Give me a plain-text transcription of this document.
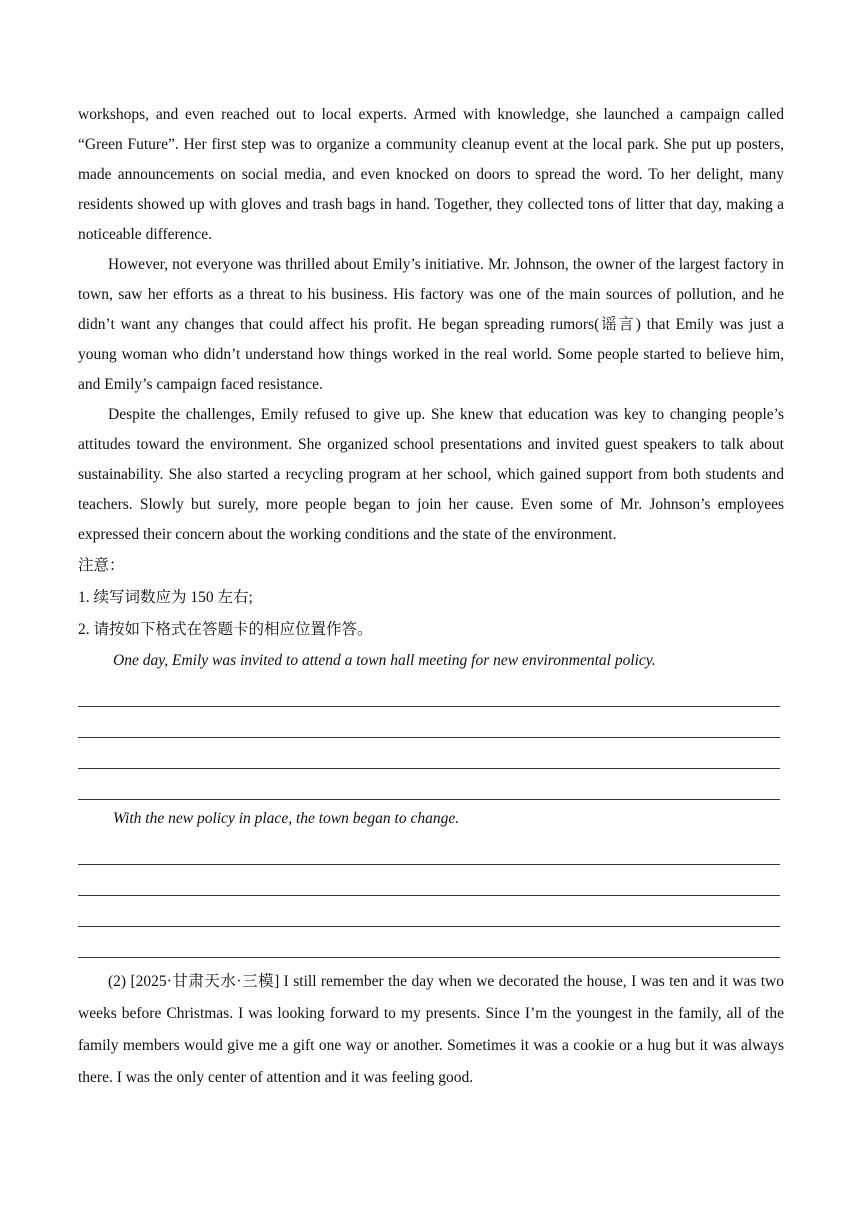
workshops, and even reached out to local experts. Armed with knowledge, she launched a campaign called “Green Future”. Her first step was to organize a community cleanup event at the local park. She put up posters, made announcements on social media, and even knocked on doors to spread the word. To her delight, many residents showed up with gloves and trash bags in hand. Together, they collected tons of litter that day, making a noticeable difference.

However, not everyone was thrilled about Emily’s initiative. Mr. Johnson, the owner of the largest factory in town, saw her efforts as a threat to his business. His factory was one of the main sources of pollution, and he didn’t want any changes that could affect his profit. He began spreading rumors(谣言) that Emily was just a young woman who didn’t understand how things worked in the real world. Some people started to believe him, and Emily’s campaign faced resistance.

Despite the challenges, Emily refused to give up. She knew that education was key to changing people’s attitudes toward the environment. She organized school presentations and invited guest speakers to talk about sustainability. She also started a recycling program at her school, which gained support from both students and teachers. Slowly but surely, more people began to join her cause. Even some of Mr. Johnson’s employees expressed their concern about the working conditions and the state of the environment.

注意：
1. 续写词数应为 150 左右;
2. 请按如下格式在答题卡的相应位置作答。
One day, Emily was invited to attend a town hall meeting for new environmental policy.
With the new policy in place, the town began to change.

(2) [2025·甘肃天水·三模] I still remember the day when we decorated the house, I was ten and it was two weeks before Christmas. I was looking forward to my presents. Since I’m the youngest in the family, all of the family members would give me a gift one way or another. Sometimes it was a cookie or a hug but it was always there. I was the only center of attention and it was feeling good.
